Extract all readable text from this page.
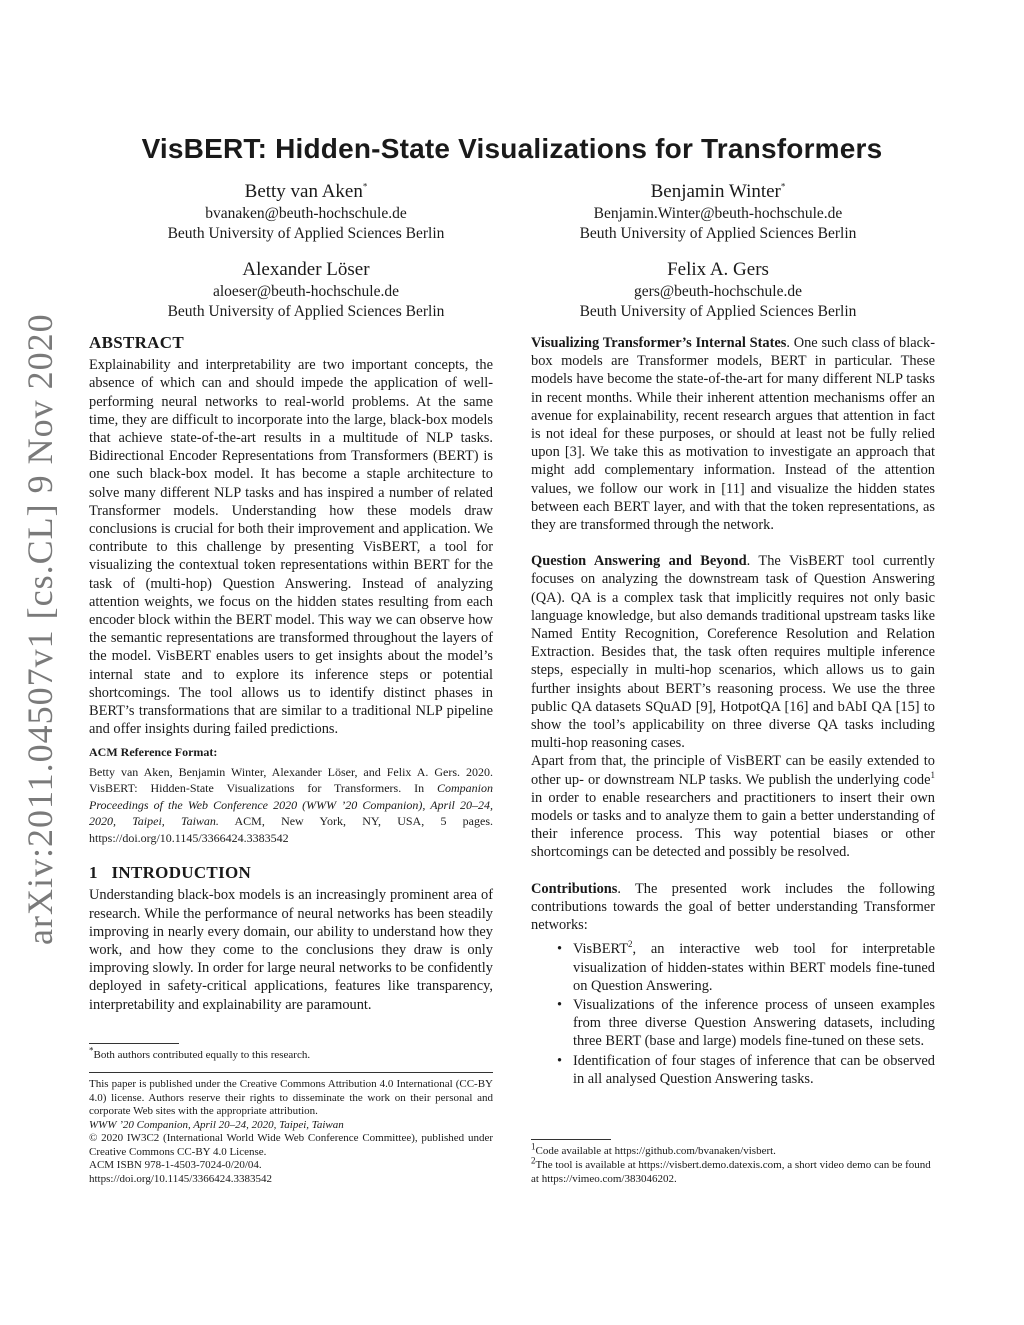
arXiv:2011.04507v1 [cs.CL] 9 Nov 2020
VisBERT: Hidden-State Visualizations for Transformers
Betty van Aken*
bvanaken@beuth-hochschule.de
Beuth University of Applied Sciences Berlin
Benjamin Winter*
Benjamin.Winter@beuth-hochschule.de
Beuth University of Applied Sciences Berlin
Alexander Löser
aloeser@beuth-hochschule.de
Beuth University of Applied Sciences Berlin
Felix A. Gers
gers@beuth-hochschule.de
Beuth University of Applied Sciences Berlin
ABSTRACT

Explainability and interpretability are two important concepts, the absence of which can and should impede the application of well-performing neural networks to real-world problems. At the same time, they are difficult to incorporate into the large, black-box models that achieve state-of-the-art results in a multitude of NLP tasks. Bidirectional Encoder Representations from Transformers (BERT) is one such black-box model. It has become a staple architecture to solve many different NLP tasks and has inspired a number of related Transformer models. Understanding how these models draw conclusions is crucial for both their improvement and application. We contribute to this challenge by presenting VisBERT, a tool for visualizing the contextual token representations within BERT for the task of (multi-hop) Question Answering. Instead of analyzing attention weights, we focus on the hidden states resulting from each encoder block within the BERT model. This way we can observe how the semantic representations are transformed throughout the layers of the model. VisBERT enables users to get insights about the model’s internal state and to explore its inference steps or potential shortcomings. The tool allows us to identify distinct phases in BERT’s transformations that are similar to a traditional NLP pipeline and offer insights during failed predictions.

ACM Reference Format:
Betty van Aken, Benjamin Winter, Alexander Löser, and Felix A. Gers. 2020. VisBERT: Hidden-State Visualizations for Transformers. In Companion Proceedings of the Web Conference 2020 (WWW ’20 Companion), April 20–24, 2020, Taipei, Taiwan. ACM, New York, NY, USA, 5 pages. https://doi.org/10.1145/3366424.3383542
1 INTRODUCTION

Understanding black-box models is an increasingly prominent area of research. While the performance of neural networks has been steadily improving in nearly every domain, our ability to understand how they work, and how they come to the conclusions they draw is only improving slowly. In order for large neural networks to be confidently deployed in safety-critical applications, features like transparency, interpretability and explainability are paramount.

*Both authors contributed equally to this research.
This paper is published under the Creative Commons Attribution 4.0 International (CC-BY 4.0) license. Authors reserve their rights to disseminate the work on their personal and corporate Web sites with the appropriate attribution.
WWW ’20 Companion, April 20–24, 2020, Taipei, Taiwan
© 2020 IW3C2 (International World Wide Web Conference Committee), published under Creative Commons CC-BY 4.0 License.
ACM ISBN 978-1-4503-7024-0/20/04.
https://doi.org/10.1145/3366424.3383542

Visualizing Transformer’s Internal States. One such class of black-box models are Transformer models, BERT in particular. These models have become the state-of-the-art for many different NLP tasks in recent months. While their inherent attention mechanisms offer an avenue for explainability, recent research argues that attention in fact is not ideal for these purposes, or should at least not be fully relied upon [3]. We take this as motivation to investigate an approach that might add complementary information. Instead of the attention values, we follow our work in [11] and visualize the hidden states between each BERT layer, and with that the token representations, as they are transformed through the network.

Question Answering and Beyond. The VisBERT tool currently focuses on analyzing the downstream task of Question Answering (QA). QA is a complex task that implicitly requires not only basic language knowledge, but also demands traditional upstream tasks like Named Entity Recognition, Coreference Resolution and Relation Extraction. Besides that, the task often requires multiple inference steps, especially in multi-hop scenarios, which allows us to gain further insights about BERT’s reasoning process. We use the three public QA datasets SQuAD [9], HotpotQA [16] and bAbI QA [15] to show the tool’s applicability on three diverse QA tasks including multi-hop reasoning cases.

Apart from that, the principle of VisBERT can be easily extended to other up- or downstream NLP tasks. We publish the underlying code$^1$ in order to enable researchers and practitioners to insert their own models or tasks and to analyze them to gain a better understanding of their inference process. This way potential biases or other shortcomings can be detected and possibly be resolved.

Contributions. The presented work includes the following contributions towards the goal of better understanding Transformer networks:

• VisBERT$^2$, an interactive web tool for interpretable visualization of hidden-states within BERT models fine-tuned on Question Answering.
• Visualizations of the inference process of unseen examples from three diverse Question Answering datasets, including three BERT (base and large) models fine-tuned on these sets.
• Identification of four stages of inference that can be observed in all analysed Question Answering tasks.
$^1$Code available at https://github.com/bvanaken/visbert.
$^2$The tool is available at https://visbert.demo.datexis.com, a short video demo can be found at https://vimeo.com/383046202.
